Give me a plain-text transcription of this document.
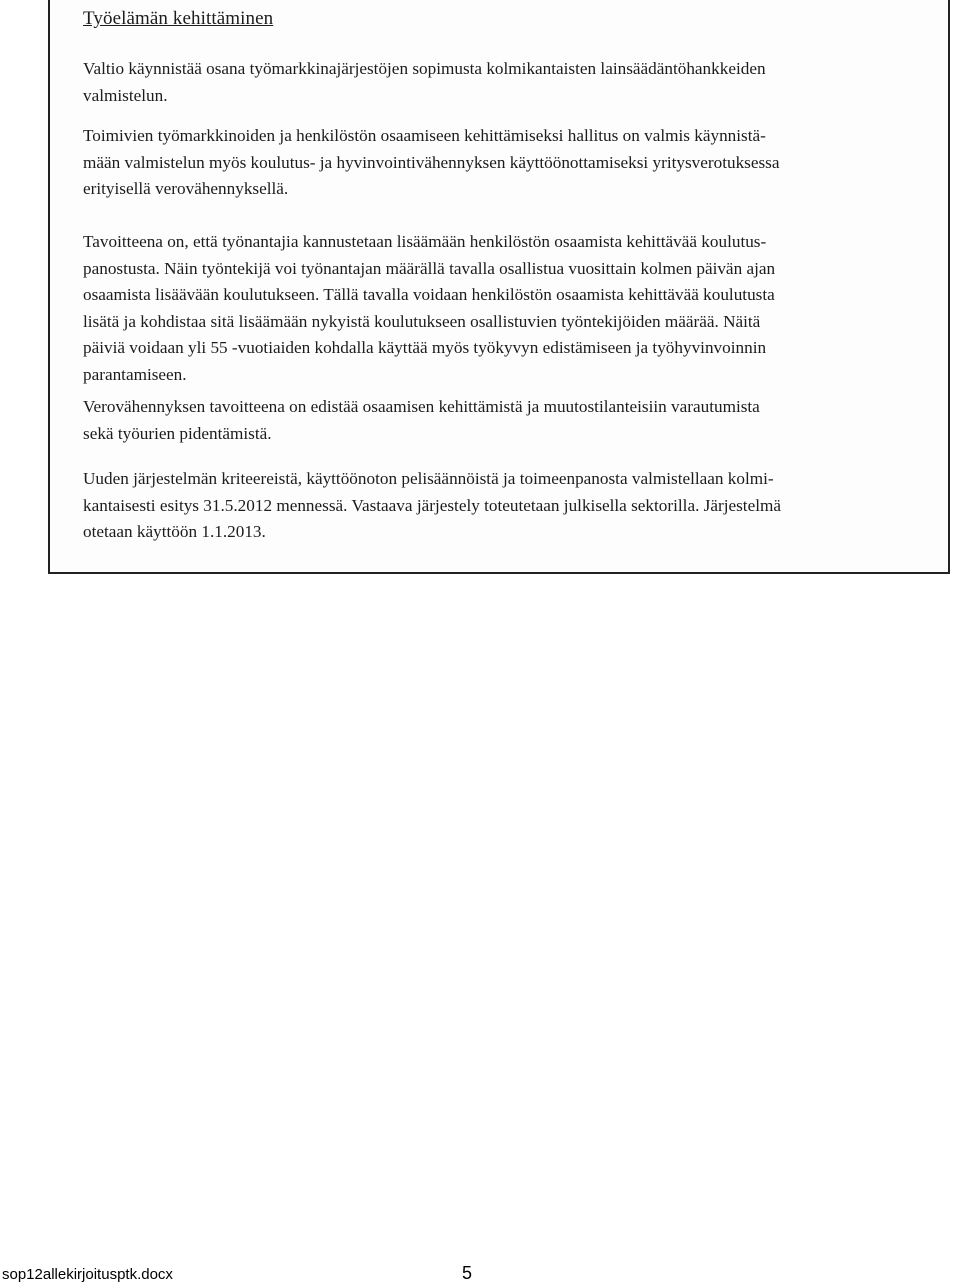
Työelämän kehittäminen

Valtio käynnistää osana työmarkkinajärjestöjen sopimusta kolmikantaisten lainsäädäntöhankkeiden
valmistelun.

Toimivien työmarkkinoiden ja henkilöstön osaamiseen kehittämiseksi hallitus on valmis käynnistä-
mään valmistelun myös koulutus- ja hyvinvointivähennyksen käyttöönottamiseksi yritysverotuksessa
erityisellä verovähennyksellä.

Tavoitteena on, että työnantajia kannustetaan lisäämään henkilöstön osaamista kehittävää koulutus-
panostusta. Näin työntekijä voi työnantajan määrällä tavalla osallistua vuosittain kolmen päivän ajan
osaamista lisäävään koulutukseen. Tällä tavalla voidaan henkilöstön osaamista kehittävää koulutusta
lisätä ja kohdistaa sitä lisäämään nykyistä koulutukseen osallistuvien työntekijöiden määrää. Näitä
päiviä voidaan yli 55 -vuotiaiden kohdalla käyttää myös työkyvyn edistämiseen ja työhyvinvoinnin
parantamiseen.

Verovähennyksen tavoitteena on edistää osaamisen kehittämistä ja muutostilanteisiin varautumista
sekä työurien pidentämistä.

Uuden järjestelmän kriteereistä, käyttöönoton pelisäännöistä ja toimeenpanosta valmistellaan kolmi-
kantaisesti esitys 31.5.2012 mennessä. Vastaava järjestely toteutetaan julkisella sektorilla. Järjestelmä
otetaan käyttöön 1.1.2013.

sop12allekirjoitusptk.docx	5
